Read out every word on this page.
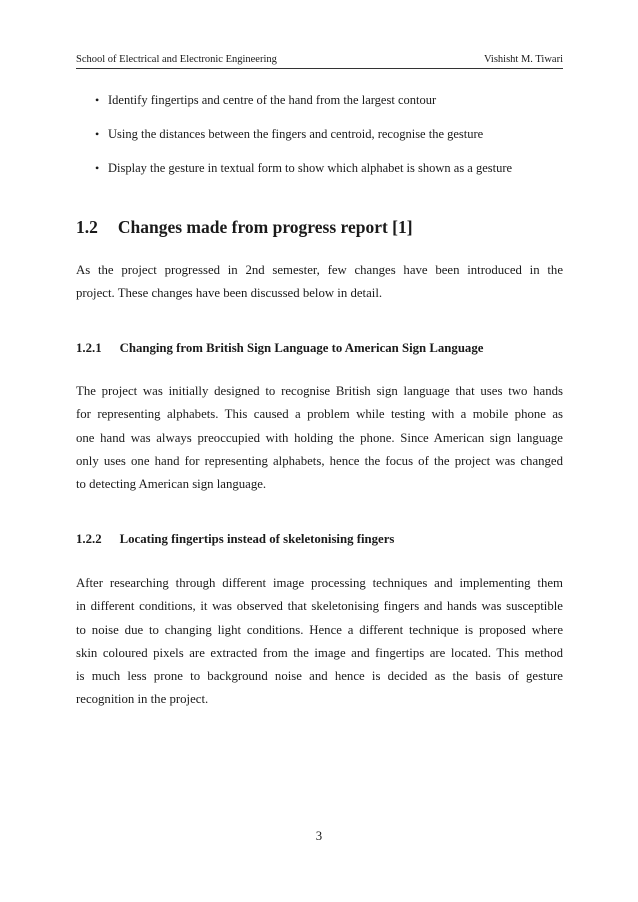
School of Electrical and Electronic Engineering	Vishisht M. Tiwari
• Identify fingertips and centre of the hand from the largest contour
• Using the distances between the fingers and centroid, recognise the gesture
• Display the gesture in textual form to show which alphabet is shown as a gesture
1.2 Changes made from progress report [1]
As the project progressed in 2nd semester, few changes have been introduced in the
project. These changes have been discussed below in detail.
1.2.1 Changing from British Sign Language to American Sign Language
The project was initially designed to recognise British sign language that uses two hands
for representing alphabets. This caused a problem while testing with a mobile phone as
one hand was always preoccupied with holding the phone. Since American sign language
only uses one hand for representing alphabets, hence the focus of the project was changed
to detecting American sign language.
1.2.2 Locating fingertips instead of skeletonising fingers
After researching through different image processing techniques and implementing them
in different conditions, it was observed that skeletonising fingers and hands was susceptible
to noise due to changing light conditions. Hence a different technique is proposed where
skin coloured pixels are extracted from the image and fingertips are located. This method
is much less prone to background noise and hence is decided as the basis of gesture
recognition in the project.
3
